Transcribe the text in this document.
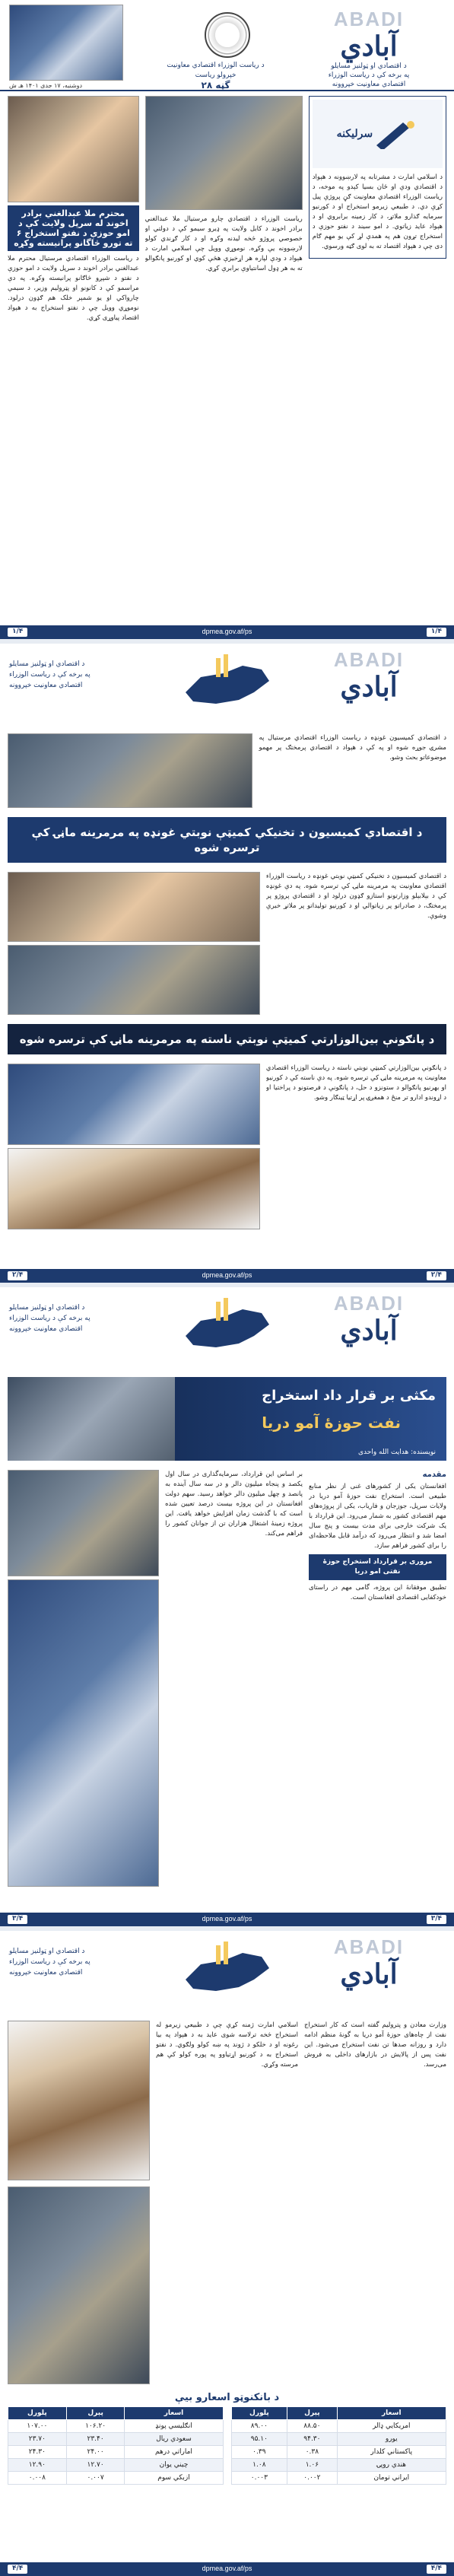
ABADI
آبادي
د اقتصادي او ټولنیز مسایلو
په برخه کې د ریاست الوزراء
اقتصادي معاونیت خپروونه
د ریاست الوزراء اقتصادي معاونیت
خپرولو ریاست
گڼه ۲۸
دوشنبه، ۱۷ جدی ۱۴۰۱ هـ ش
سرلیکنه

د اسلامي امارت د مشرتابه په لارښوونه د هېواد د اقتصادي ودې او ځان بسیا کېدو په موخه، د ریاست الوزراء اقتصادي معاونیت ګڼ پروژې پیل کړې دي. د طبیعي زیرمو استخراج او د کورنیو سرمایه ګذارو ملاتړ، د کار زمینه برابروي او د هېواد عاید زیاتوي. د امو سیند د نفتو حوزې د استخراج تړون هم په همدې لړ کې یو مهم ګام دی چې د هېواد اقتصاد ته به لوی ګټه ورسوي.

ریاست الوزراء د اقتصادي چارو مرستیال ملا عبدالغني برادر اخوند د کابل ولایت په ډیرو سیمو کې د دولتي او خصوصي پروژو څخه لیدنه وکړه او د کار ګړندي کولو لارښوونه یې وکړه. نوموړي وویل چې اسلامي امارت د هېواد د ودې لپاره هر اړخیزې هڅې کوي او کورنیو پانګوالو ته به هر ډول اسانتیاوې برابرې کړي.

محترم ملا عبدالغني برادر اخوند له سرپل ولایت کې د امو حوزې د نفتو استخراج ۶ ته تورو څاگانو پرانیسته وکړه

د ریاست الوزراء اقتصادي مرستیال محترم ملا عبدالغني برادر اخوند د سرپل ولایت د امو حوزې د نفتو د شپږو څاګانو پرانیسته وکړه. په دې مراسمو کې د کانونو او پټرولیم وزیر، د سیمې چارواکي او یو شمېر خلک هم ګډون درلود. نوموړي وویل چې د نفتو استخراج به د هېواد اقتصاد پیاوړی کړي.

۱/۴
dpmea.gov.af/ps
۱/۴
ABADI
آبادي
د اقتصادي او ټولنیز مسایلو
په برخه کې د ریاست الوزراء
اقتصادي معاونیت خپروونه

د اقتصادي کمیسیون غونډه د ریاست الوزراء اقتصادي مرستیال په مشرۍ جوړه شوه او په کې د هېواد د اقتصادي پرمختګ پر مهمو موضوعاتو بحث وشو.

د اقتصادي کمیسیون د تخنیکي کمیټې نوبتي غونډه په مرمرینه ماڼۍ کې ترسره شوه

د اقتصادي کمیسیون د تخنیکي کمیټې نوبتي غونډه د ریاست الوزراء اقتصادي معاونیت په مرمرینه ماڼۍ کې ترسره شوه. په دې غونډه کې د بېلابېلو وزارتونو استازو ګډون درلود او د اقتصادي پروژو پر پرمختګ، د صادراتو پر زیاتوالي او د کورنیو تولیداتو پر ملاتړ خبرې وشوې.

د پانګونې بین‌الوزارتي کمیټې نوبتي ناسته په مرمرینه ماڼۍ کې ترسره شوه

د پانګونې بین‌الوزارتي کمیټې نوبتي ناسته د ریاست الوزراء اقتصادي معاونیت په مرمرینه ماڼۍ کې ترسره شوه. په دې ناسته کې د کورنیو او بهرنیو پانګوالو د ستونزو د حل، د پانګونې د فرصتونو د پراختیا او د اړوندو ادارو تر منځ د همغږۍ پر اړتیا ټینګار وشو.

۲/۴
dpmea.gov.af/ps
۲/۴
ABADI
آبادي
د اقتصادي او ټولنیز مسایلو
په برخه کې د ریاست الوزراء
اقتصادي معاونیت خپروونه
مکثی بر قرار داد استخراج
نفت حوزهٔ آمو دریا
نویسنده: هدایت الله واحدی
مقدمه

افغانستان یکی از کشورهای غنی از نظر منابع طبیعی است. استخراج نفت حوزهٔ آمو دریا در ولایات سرپل، جوزجان و فاریاب، یکی از پروژه‌های مهم اقتصادی کشور به شمار می‌رود. این قرارداد با یک شرکت خارجی برای مدت بیست و پنج سال امضا شد و انتظار می‌رود که درآمد قابل ملاحظه‌ای را برای کشور فراهم سازد.

مروری بر قرارداد استخراج حوزهٔ نفتی امو دریا

تطبیق موفقانهٔ این پروژه، گامی مهم در راستای خودکفایی اقتصادی افغانستان است.

بر اساس این قرارداد، سرمایه‌گذاری در سال اول یکصد و پنجاه میلیون دالر و در سه سال آینده به پانصد و چهل میلیون دالر خواهد رسید. سهم دولت افغانستان در این پروژه بیست درصد تعیین شده است که با گذشت زمان افزایش خواهد یافت. این پروژه زمینهٔ اشتغال هزاران تن از جوانان کشور را فراهم می‌کند.

۳/۴
dpmea.gov.af/ps
۳/۴
ABADI
آبادي
د اقتصادي او ټولنیز مسایلو
په برخه کې د ریاست الوزراء
اقتصادي معاونیت خپروونه

وزارت معادن و پترولیم گفته است که کار استخراج نفت از چاه‌های حوزهٔ آمو دریا به گونهٔ منظم ادامه دارد و روزانه صدها تن نفت استخراج می‌شود. این نفت پس از پالایش در بازارهای داخلی به فروش می‌رسد.

اسلامي امارت ژمنه کړې چې د طبیعي زیرمو له استخراج څخه ترلاسه شوی عاید به د هېواد په بیا رغونه او د خلکو د ژوند په ښه کولو ولګوي. د نفتو استخراج به د کورنیو اړتیاوو په پوره کولو کې هم مرسته وکړي.

د بانکنوټو اسعارو بیې
اسعار	پېرل	پلورل
امریکایي ډالر	۸۸.۵۰	۸۹.۰۰
یورو	۹۴.۳۰	۹۵.۱۰
پاکستاني کلدار	۰.۳۸	۰.۳۹
هندي روپۍ	۱.۰۶	۱.۰۸
ایراني تومان	۰.۰۰۲	۰.۰۰۳
اسعار	پېرل	پلورل
انګلیسي پونډ	۱۰۶.۲۰	۱۰۷.۰۰
سعودي ریال	۲۳.۴۰	۲۳.۷۰
اماراتي درهم	۲۴.۰۰	۲۴.۳۰
چیني یوان	۱۲.۷۰	۱۲.۹۰
ازبکي سوم	۰.۰۰۷	۰.۰۰۸
۴/۴
dpmea.gov.af/ps
۴/۴
